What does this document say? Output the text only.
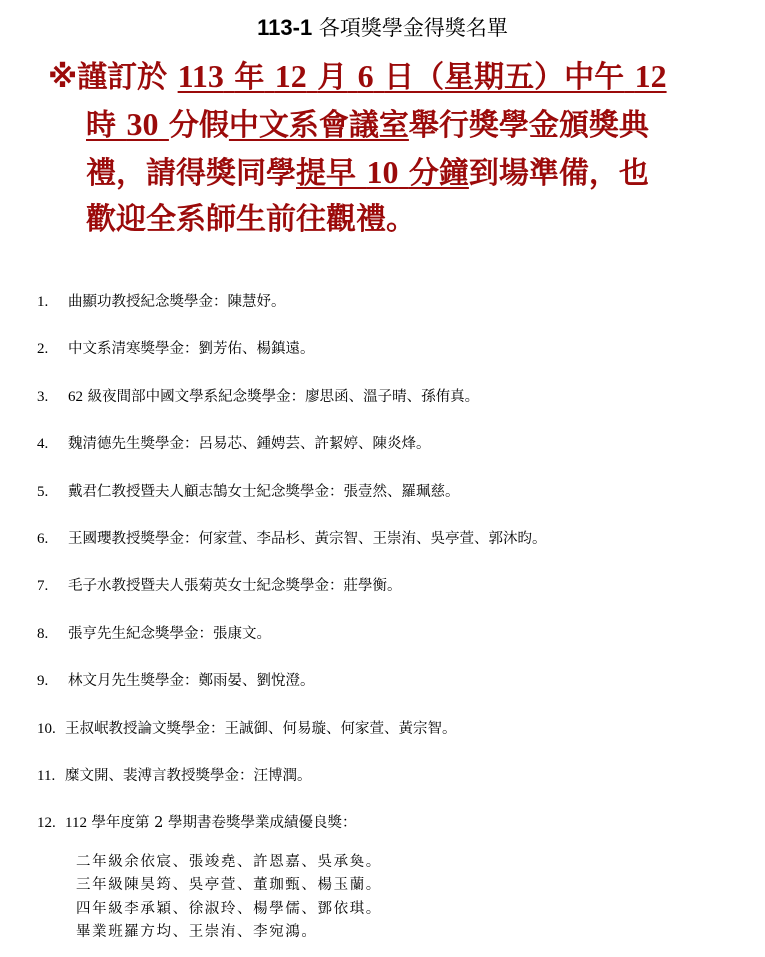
113-1 各項獎學金得獎名單
※謹訂於 113 年 12 月 6 日（星期五）中午 12
時 30 分假中文系會議室舉行獎學金頒獎典
禮，請得獎同學提早 10 分鐘到場準備，也
歡迎全系師生前往觀禮。
1. 曲顯功教授紀念獎學金：陳慧妤。
2. 中文系清寒獎學金：劉芳佑、楊鎮遠。
3. 62 級夜間部中國文學系紀念獎學金：廖思函、溫子晴、孫侑真。
4. 魏清德先生獎學金：呂易芯、鍾娉芸、許絜婷、陳炎烽。
5. 戴君仁教授暨夫人顧志鵠女士紀念獎學金：張壹然、羅珮慈。
6. 王國瓔教授獎學金：何家萱、李品杉、黃宗智、王崇洧、吳亭萱、郭沐昀。
7. 毛子水教授暨夫人張菊英女士紀念獎學金：莊學衡。
8. 張亨先生紀念獎學金：張康文。
9. 林文月先生獎學金：鄭雨晏、劉悅澄。
10. 王叔岷教授論文獎學金：王誠御、何易璇、何家萱、黃宗智。
11. 糜文開、裴溥言教授獎學金：汪博潤。
12. 112 學年度第 2 學期書卷獎學業成績優良獎：
二年級余依宸、張竣堯、許恩嘉、吳承奐。
三年級陳昊筠、吳亭萱、董珈甄、楊玉蘭。
四年級李承穎、徐淑玲、楊學儒、鄧依琪。
畢業班羅方均、王崇洧、李宛鴻。
